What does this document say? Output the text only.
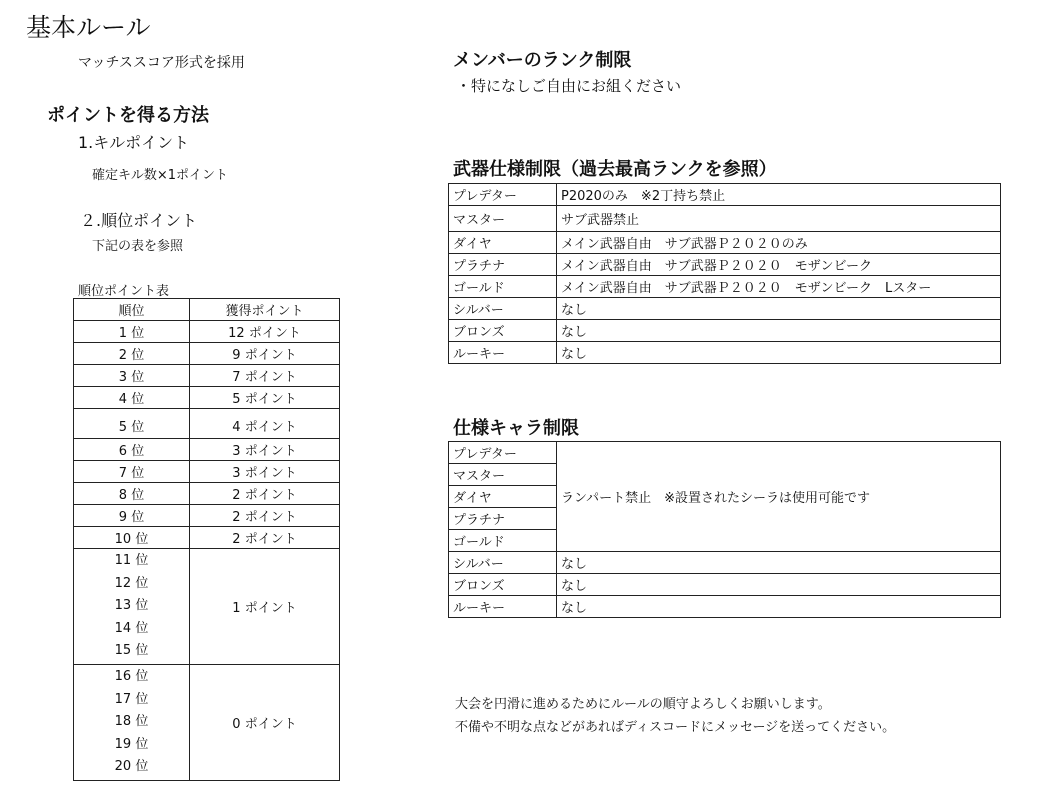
基本ルール
マッチススコア形式を採用
ポイントを得る方法
1.キルポイント
確定キル数×1ポイント
２.順位ポイント
下記の表を参照
順位ポイント表
順位	獲得ポイント
1 位	12 ポイント
2 位	9 ポイント
3 位	7 ポイント
4 位	5 ポイント
5 位	4 ポイント
6 位	3 ポイント
7 位	3 ポイント
8 位	2 ポイント
9 位	2 ポイント
10 位	2 ポイント

11 位
12 位
13 位
14 位
15 位	1 ポイント

16 位
17 位
18 位
19 位
20 位	0 ポイント
メンバーのランク制限
・特になしご自由にお組ください
武器仕様制限（過去最高ランクを参照）
プレデター	P2020のみ　※2丁持ち禁止
マスター	サブ武器禁止
ダイヤ	メイン武器自由　サブ武器Ｐ２０２０のみ
プラチナ	メイン武器自由　サブ武器Ｐ２０２０　モザンビーク
ゴールド	メイン武器自由　サブ武器Ｐ２０２０　モザンビーク　Lスター
シルバー	なし
ブロンズ	なし
ルーキー	なし
仕様キャラ制限
プレデター	ランパート禁止　※設置されたシーラは使用可能です
マスター	
ダイヤ	
プラチナ	
ゴールド	
シルバー	なし
ブロンズ	なし
ルーキー	なし
大会を円滑に進めるためにルールの順守よろしくお願いします。
不備や不明な点などがあればディスコードにメッセージを送ってください。
